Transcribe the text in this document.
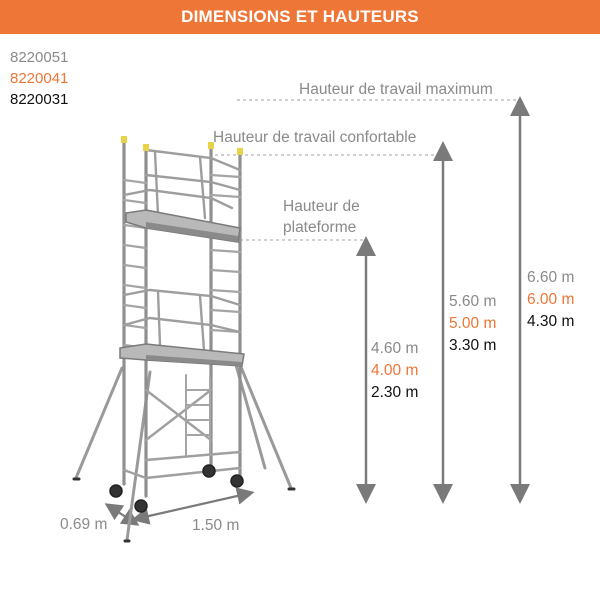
DIMENSIONS ET HAUTEURS
8220051
8220041
8220031
Hauteur de travail maximum
Hauteur de travail confortable
Hauteur de
plateforme
6.60 m
6.00 m
4.30 m
5.60 m
5.00 m
3.30 m
4.60 m
4.00 m
2.30 m
0.69 m	1.50 m
